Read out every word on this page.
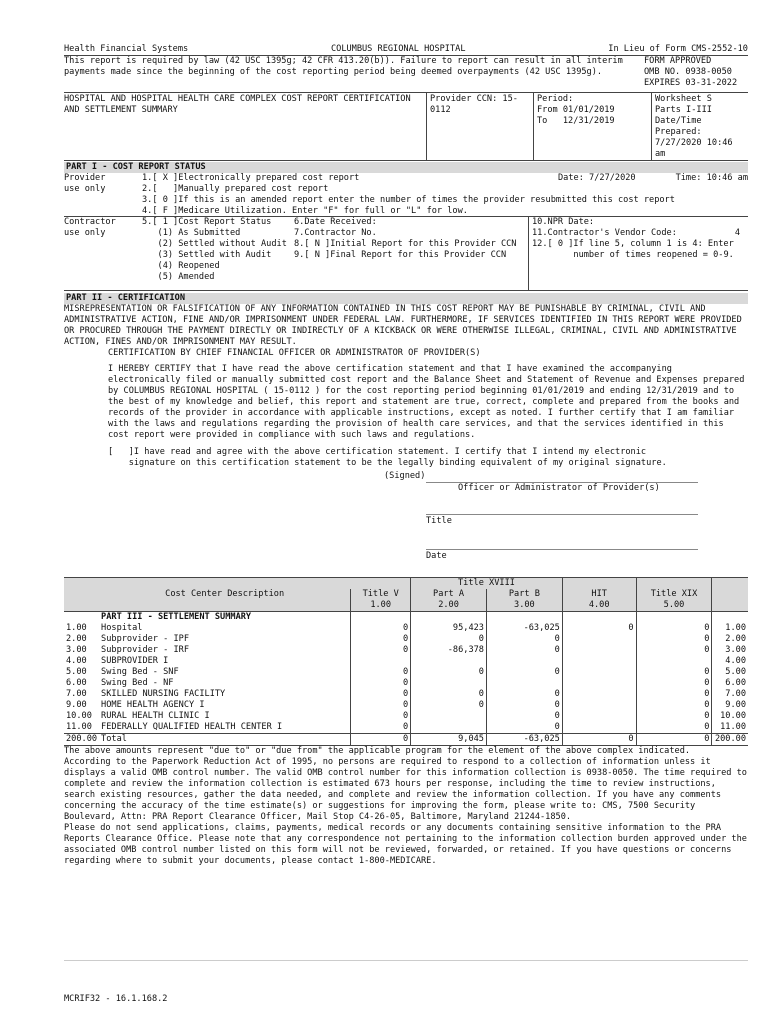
Health Financial Systems	COLUMBUS REGIONAL HOSPITAL	In Lieu of Form CMS-2552-10
This report is required by law (42 USC 1395g; 42 CFR 413.20(b)). Failure to report can result in all interim
payments made since the beginning of the cost reporting period being deemed overpayments (42 USC 1395g).
FORM APPROVED
OMB NO. 0938-0050
EXPIRES 03-31-2022
HOSPITAL AND HOSPITAL HEALTH CARE COMPLEX COST REPORT CERTIFICATION
AND SETTLEMENT SUMMARY
Provider CCN: 15-0112
Period:
From 01/01/2019
To   12/31/2019
Worksheet S
Parts I-III
Date/Time Prepared:
7/27/2020 10:46 am
PART I - COST REPORT STATUS
Provider
use only
1.[ X ]Electronically prepared cost report
2.[   ]Manually prepared cost report
3.[ 0 ]If this is an amended report enter the number of times the provider resubmitted this cost report
4.[ F ]Medicare Utilization. Enter "F" for full or "L" for low.
Date: 7/27/2020	Time: 10:46 am
Contractor
use only
5.[ 1 ]Cost Report Status
(1) As Submitted
(2) Settled without Audit
(3) Settled with Audit
(4) Reopened
(5) Amended
6.Date Received:
7.Contractor No.
8.[ N ]Initial Report for this Provider CCN
9.[ N ]Final Report for this Provider CCN
10.NPR Date:
11.Contractor's Vendor Code:
12.[ 0 ]If line 5, column 1 is 4: Enter
number of times reopened = 0-9.
4
PART II - CERTIFICATION
MISREPRESENTATION OR FALSIFICATION OF ANY INFORMATION CONTAINED IN THIS COST REPORT MAY BE PUNISHABLE BY CRIMINAL, CIVIL AND ADMINISTRATIVE ACTION, FINE AND/OR IMPRISONMENT UNDER FEDERAL LAW. FURTHERMORE, IF SERVICES IDENTIFIED IN THIS REPORT WERE PROVIDED OR PROCURED THROUGH THE PAYMENT DIRECTLY OR INDIRECTLY OF A KICKBACK OR WERE OTHERWISE ILLEGAL, CRIMINAL, CIVIL AND ADMINISTRATIVE ACTION, FINES AND/OR IMPRISONMENT MAY RESULT.
CERTIFICATION BY CHIEF FINANCIAL OFFICER OR ADMINISTRATOR OF PROVIDER(S)
I HEREBY CERTIFY that I have read the above certification statement and that I have examined the accompanying electronically filed or manually submitted cost report and the Balance Sheet and Statement of Revenue and Expenses prepared by COLUMBUS REGIONAL HOSPITAL ( 15-0112 ) for the cost reporting period beginning 01/01/2019 and ending 12/31/2019 and to the best of my knowledge and belief, this report and statement are true, correct, complete and prepared from the books and records of the provider in accordance with applicable instructions, except as noted. I further certify that I am familiar with the laws and regulations regarding the provision of health care services, and that the services identified in this cost report were provided in compliance with such laws and regulations.
[   ]I have read and agree with the above certification statement. I certify that I intend my electronic
signature on this certification statement to be the legally binding equivalent of my original signature.
(Signed)
Officer or Administrator of Provider(s)
Title
Date
			Title XVIII				
	Cost Center Description	Title V	Part A	Part B	HIT	Title XIX	
		1.00	2.00	3.00	4.00	5.00	
	PART III - SETTLEMENT SUMMARY						
1.00	Hospital	0	95,423	-63,025	0	0	1.00
2.00	Subprovider - IPF	0	0	0		0	2.00
3.00	Subprovider - IRF	0	-86,378	0		0	3.00
4.00	SUBPROVIDER I						4.00
5.00	Swing Bed - SNF	0	0	0		0	5.00
6.00	Swing Bed - NF	0				0	6.00
7.00	SKILLED NURSING FACILITY	0	0	0		0	7.00
9.00	HOME HEALTH AGENCY I	0	0	0		0	9.00
10.00	RURAL HEALTH CLINIC I	0		0		0	10.00
11.00	FEDERALLY QUALIFIED HEALTH CENTER I	0		0		0	11.00
200.00	Total	0	9,045	-63,025	0	0	200.00
The above amounts represent "due to" or "due from" the applicable program for the element of the above complex indicated.
According to the Paperwork Reduction Act of 1995, no persons are required to respond to a collection of information unless it displays a valid OMB control number. The valid OMB control number for this information collection is 0938-0050. The time required to complete and review the information collection is estimated 673 hours per response, including the time to review instructions, search existing resources, gather the data needed, and complete and review the information collection. If you have any comments concerning the accuracy of the time estimate(s) or suggestions for improving the form, please write to: CMS, 7500 Security Boulevard, Attn: PRA Report Clearance Officer, Mail Stop C4-26-05, Baltimore, Maryland 21244-1850.
Please do not send applications, claims, payments, medical records or any documents containing sensitive information to the PRA Reports Clearance Office. Please note that any correspondence not pertaining to the information collection burden approved under the associated OMB control number listed on this form will not be reviewed, forwarded, or retained. If you have questions or concerns regarding where to submit your documents, please contact 1-800-MEDICARE.
MCRIF32 - 16.1.168.2
